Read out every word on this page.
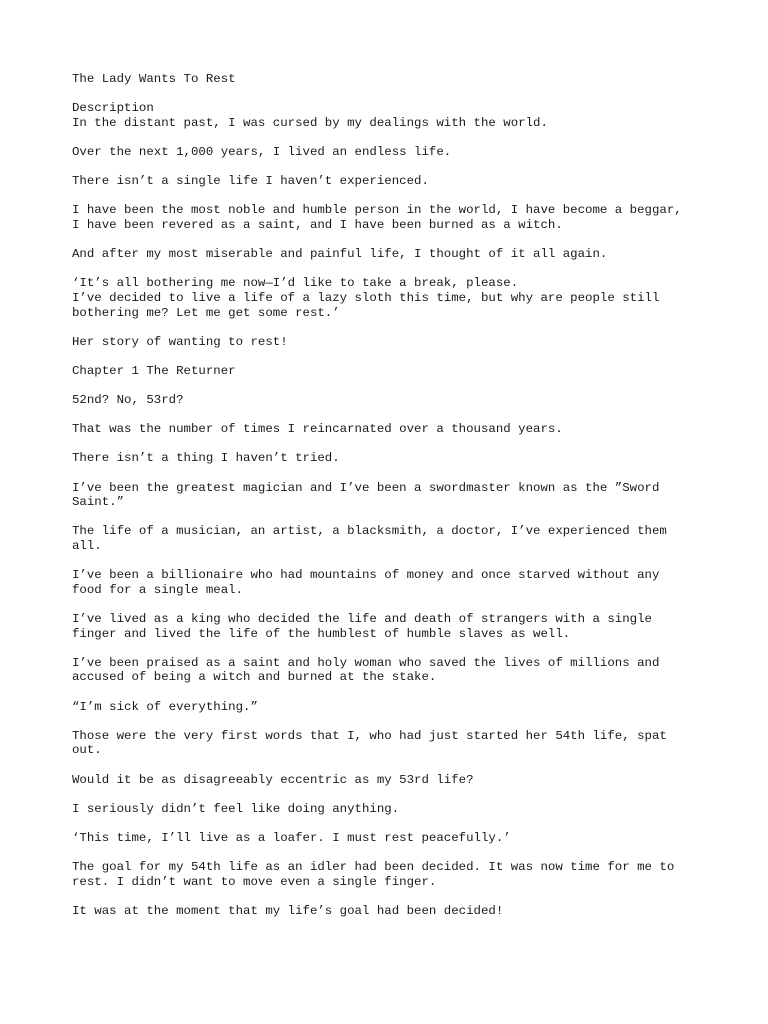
The Lady Wants To Rest
Description
In the distant past, I was cursed by my dealings with the world.
Over the next 1,000 years, I lived an endless life.
There isn’t a single life I haven’t experienced.
I have been the most noble and humble person in the world, I have become a beggar,
I have been revered as a saint, and I have been burned as a witch.
And after my most miserable and painful life, I thought of it all again.
‘It’s all bothering me now—I’d like to take a break, please.
I’ve decided to live a life of a lazy sloth this time, but why are people still
bothering me? Let me get some rest.’
Her story of wanting to rest!
Chapter 1 The Returner
52nd? No, 53rd?
That was the number of times I reincarnated over a thousand years.
There isn’t a thing I haven’t tried.
I’ve been the greatest magician and I’ve been a swordmaster known as the ”Sword
Saint.”
The life of a musician, an artist, a blacksmith, a doctor, I’ve experienced them
all.
I’ve been a billionaire who had mountains of money and once starved without any
food for a single meal.
I’ve lived as a king who decided the life and death of strangers with a single
finger and lived the life of the humblest of humble slaves as well.
I’ve been praised as a saint and holy woman who saved the lives of millions and
accused of being a witch and burned at the stake.
“I’m sick of everything.”
Those were the very first words that I, who had just started her 54th life, spat
out.
Would it be as disagreeably eccentric as my 53rd life?
I seriously didn’t feel like doing anything.
‘This time, I’ll live as a loafer. I must rest peacefully.’
The goal for my 54th life as an idler had been decided. It was now time for me to
rest. I didn’t want to move even a single finger.
It was at the moment that my life’s goal had been decided!
